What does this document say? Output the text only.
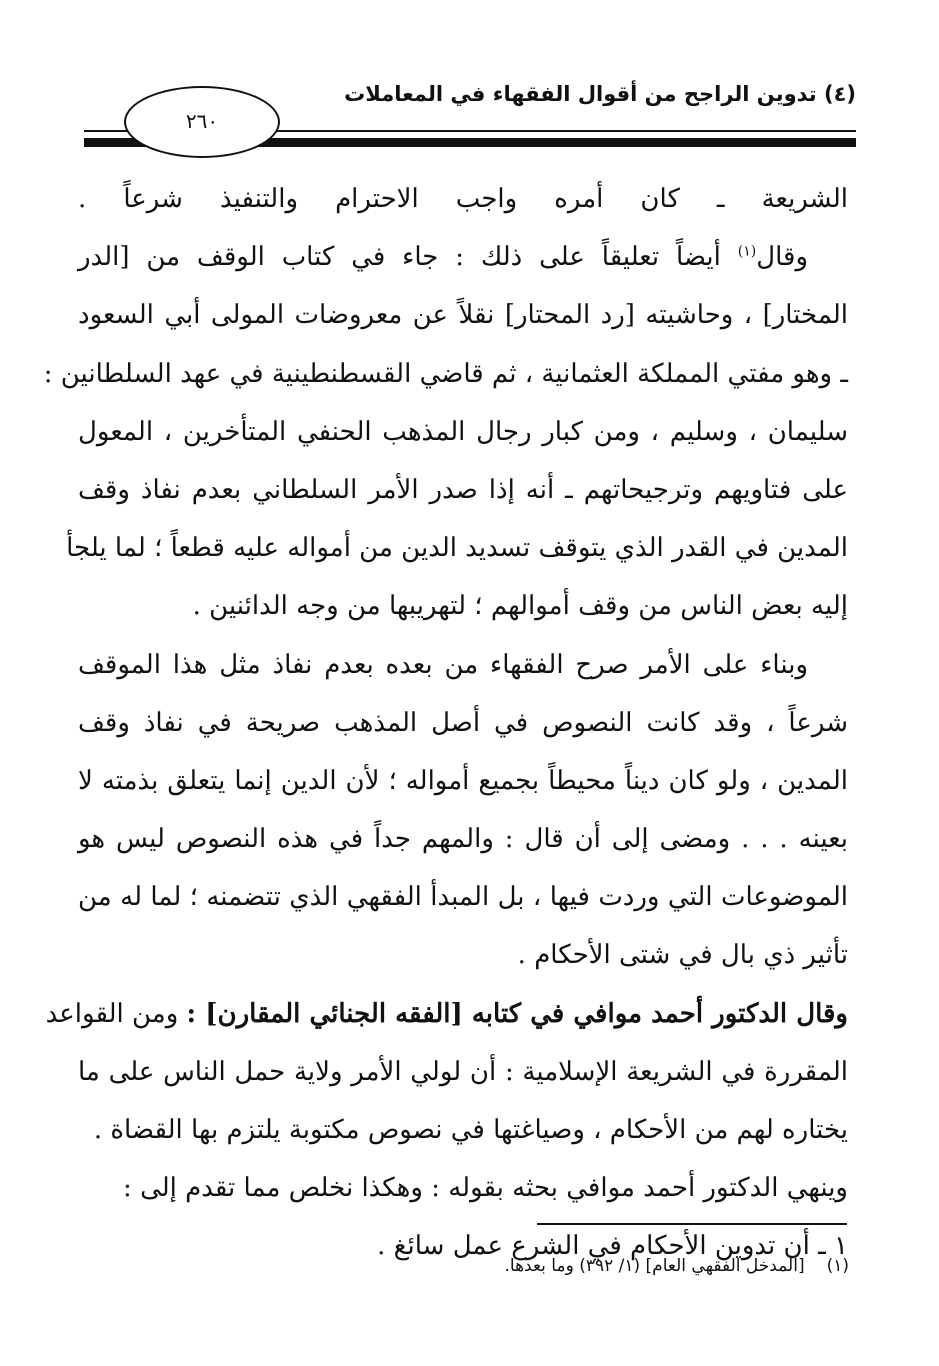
(٤) تدوين الراجح من أقوال الفقهاء في المعاملات
٢٦٠
الشريعة ـ كان أمره واجب الاحترام والتنفيذ شرعاً .
وقال$^{(١)}$ أيضاً تعليقاً على ذلك : جاء في كتاب الوقف من [الدر
المختار] ، وحاشيته [رد المحتار] نقلاً عن معروضات المولى أبي السعود
ـ وهو مفتي المملكة العثمانية ، ثم قاضي القسطنطينية في عهد السلطانين :
سليمان ، وسليم ، ومن كبار رجال المذهب الحنفي المتأخرين ، المعول
على فتاويهم وترجيحاتهم ـ أنه إذا صدر الأمر السلطاني بعدم نفاذ وقف
المدين في القدر الذي يتوقف تسديد الدين من أمواله عليه قطعاً ؛ لما يلجأ
إليه بعض الناس من وقف أموالهم ؛ لتهريبها من وجه الدائنين .
وبناء على الأمر صرح الفقهاء من بعده بعدم نفاذ مثل هذا الموقف
شرعاً ، وقد كانت النصوص في أصل المذهب صريحة في نفاذ وقف
المدين ، ولو كان ديناً محيطاً بجميع أمواله ؛ لأن الدين إنما يتعلق بذمته لا
بعينه . . . ومضى إلى أن قال : والمهم جداً في هذه النصوص ليس هو
الموضوعات التي وردت فيها ، بل المبدأ الفقهي الذي تتضمنه ؛ لما له من
تأثير ذي بال في شتى الأحكام .
وقال الدكتور أحمد موافي في كتابه [الفقه الجنائي المقارن] : ومن القواعد
المقررة في الشريعة الإسلامية : أن لولي الأمر ولاية حمل الناس على ما
يختاره لهم من الأحكام ، وصياغتها في نصوص مكتوبة يلتزم بها القضاة .
وينهي الدكتور أحمد موافي بحثه بقوله : وهكذا نخلص مما تقدم إلى :
١ ـ أن تدوين الأحكام في الشرع عمل سائغ .
(١)[المدخل الفقهي العام] (١/ ٣٩٢) وما بعدها.
